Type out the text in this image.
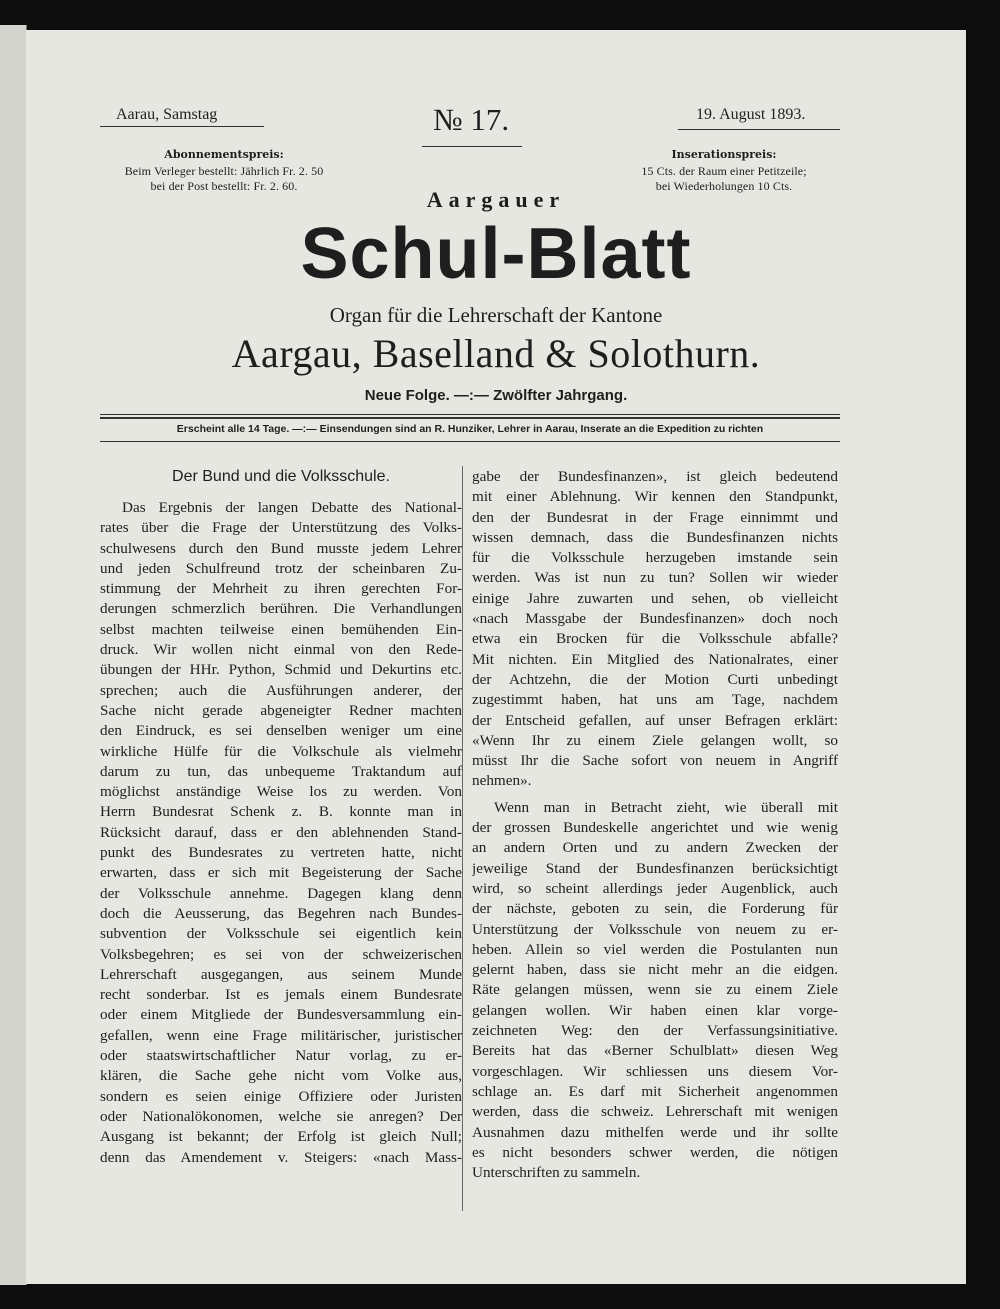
Aarau, Samstag	№ 17.	19. August 1893.
Abonnementspreis:
Beim Verleger bestellt: Jährlich Fr. 2. 50
bei der Post bestellt: Fr. 2. 60.
Inserationspreis:
15 Cts. der Raum einer Petitzeile;
bei Wiederholungen 10 Cts.
Aargauer
Schul-Blatt
Organ für die Lehrerschaft der Kantone
Aargau, Baselland & Solothurn.
Neue Folge. —:— Zwölfter Jahrgang.
Erscheint alle 14 Tage. —:— Einsendungen sind an R. Hunziker, Lehrer in Aarau, Inserate an die Expedition zu richten
Der Bund und die Volksschule.
Das Ergebnis der langen Debatte des National-
rates über die Frage der Unterstützung des Volks-
schulwesens durch den Bund musste jedem Lehrer
und jeden Schulfreund trotz der scheinbaren Zu-
stimmung der Mehrheit zu ihren gerechten For-
derungen schmerzlich berühren. Die Verhandlungen
selbst machten teilweise einen bemühenden Ein-
druck. Wir wollen nicht einmal von den Rede-
übungen der HHr. Python, Schmid und Dekurtins etc.
sprechen; auch die Ausführungen anderer, der
Sache nicht gerade abgeneigter Redner machten
den Eindruck, es sei denselben weniger um eine
wirkliche Hülfe für die Volkschule als vielmehr
darum zu tun, das unbequeme Traktandum auf
möglichst anständige Weise los zu werden. Von
Herrn Bundesrat Schenk z. B. konnte man in
Rücksicht darauf, dass er den ablehnenden Stand-
punkt des Bundesrates zu vertreten hatte, nicht
erwarten, dass er sich mit Begeisterung der Sache
der Volksschule annehme. Dagegen klang denn
doch die Aeusserung, das Begehren nach Bundes-
subvention der Volksschule sei eigentlich kein
Volksbegehren; es sei von der schweizerischen
Lehrerschaft ausgegangen, aus seinem Munde
recht sonderbar. Ist es jemals einem Bundesrate
oder einem Mitgliede der Bundesversammlung ein-
gefallen, wenn eine Frage militärischer, juristischer
oder staatswirtschaftlicher Natur vorlag, zu er-
klären, die Sache gehe nicht vom Volke aus,
sondern es seien einige Offiziere oder Juristen
oder Nationalökonomen, welche sie anregen? Der
Ausgang ist bekannt; der Erfolg ist gleich Null;
denn das Amendement v. Steigers: «nach Mass-
gabe der Bundesfinanzen», ist gleich bedeutend
mit einer Ablehnung. Wir kennen den Standpunkt,
den der Bundesrat in der Frage einnimmt und
wissen demnach, dass die Bundesfinanzen nichts
für die Volksschule herzugeben imstande sein
werden. Was ist nun zu tun? Sollen wir wieder
einige Jahre zuwarten und sehen, ob vielleicht
«nach Massgabe der Bundesfinanzen» doch noch
etwa ein Brocken für die Volksschule abfalle?
Mit nichten. Ein Mitglied des Nationalrates, einer
der Achtzehn, die der Motion Curti unbedingt
zugestimmt haben, hat uns am Tage, nachdem
der Entscheid gefallen, auf unser Befragen erklärt:
«Wenn Ihr zu einem Ziele gelangen wollt, so
müsst Ihr die Sache sofort von neuem in Angriff
nehmen».
Wenn man in Betracht zieht, wie überall mit
der grossen Bundeskelle angerichtet und wie wenig
an andern Orten und zu andern Zwecken der
jeweilige Stand der Bundesfinanzen berücksichtigt
wird, so scheint allerdings jeder Augenblick, auch
der nächste, geboten zu sein, die Forderung für
Unterstützung der Volksschule von neuem zu er-
heben. Allein so viel werden die Postulanten nun
gelernt haben, dass sie nicht mehr an die eidgen.
Räte gelangen müssen, wenn sie zu einem Ziele
gelangen wollen. Wir haben einen klar vorge-
zeichneten Weg: den der Verfassungsinitiative.
Bereits hat das «Berner Schulblatt» diesen Weg
vorgeschlagen. Wir schliessen uns diesem Vor-
schlage an. Es darf mit Sicherheit angenommen
werden, dass die schweiz. Lehrerschaft mit wenigen
Ausnahmen dazu mithelfen werde und ihr sollte
es nicht besonders schwer werden, die nötigen
Unterschriften zu sammeln.
